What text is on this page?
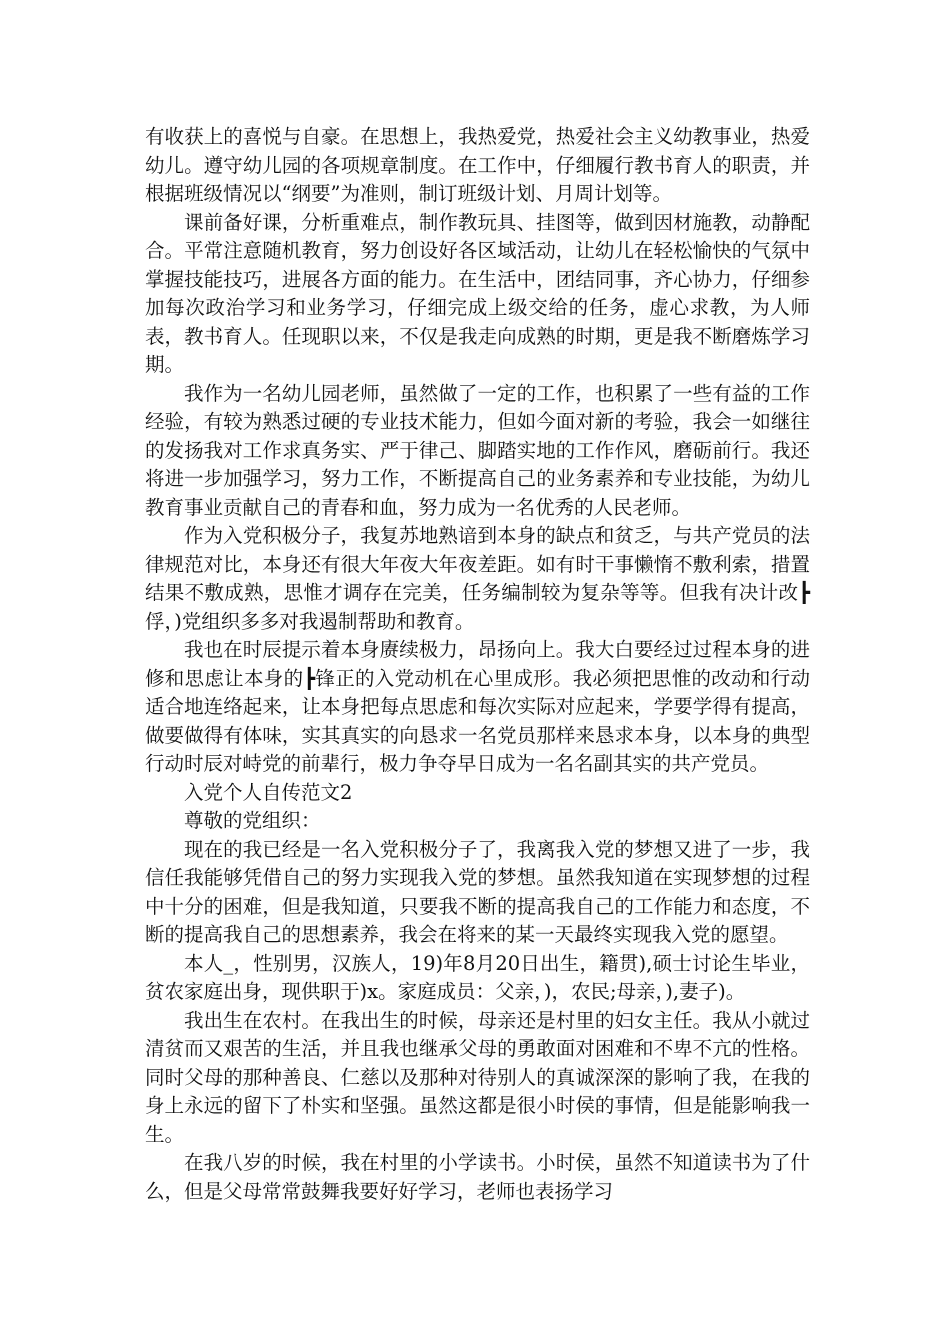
有收获上的喜悦与自豪。在思想上，我热爱党，热爱社会主义幼教事业，热爱幼儿。遵守幼儿园的各项规章制度。在工作中，仔细履行教书育人的职责，并根据班级情况以“纲要”为准则，制订班级计划、月周计划等。

课前备好课，分析重难点，制作教玩具、挂图等，做到因材施教，动静配合。平常注意随机教育，努力创设好各区域活动，让幼儿在轻松愉快的气氛中掌握技能技巧，进展各方面的能力。在生活中，团结同事，齐心协力，仔细参加每次政治学习和业务学习，仔细完成上级交给的任务，虚心求教，为人师表，教书育人。任现职以来，不仅是我走向成熟的时期，更是我不断磨炼学习期。

我作为一名幼儿园老师，虽然做了一定的工作，也积累了一些有益的工作经验，有较为熟悉过硬的专业技术能力，但如今面对新的考验，我会一如继往的发扬我对工作求真务实、严于律己、脚踏实地的工作作风，磨砺前行。我还将进一步加强学习，努力工作，不断提高自己的业务素养和专业技能，为幼儿教育事业贡献自己的青春和血，努力成为一名优秀的人民老师。

作为入党积极分子，我复苏地熟谙到本身的缺点和贫乏，与共产党员的法律规范对比，本身还有很大年夜大年夜差距。如有时干事懒惰不敷利索，措置结果不敷成熟，思惟才调存在完美，任务编制较为复杂等等。但我有决计改┣俘，)党组织多多对我遏制帮助和教育。

我也在时辰提示着本身赓续极力，昂扬向上。我大白要经过过程本身的进修和思虑让本身的┣锋正的入党动机在心里成形。我必须把思惟的改动和行动适合地连络起来，让本身把每点思虑和每次实际对应起来，学要学得有提高，做要做得有体味，实其真实的向恳求一名党员那样来恳求本身，以本身的典型行动时辰对峙党的前辈行，极力争夺早日成为一名名副其实的共产党员。

入党个人自传范文2

尊敬的党组织：

现在的我已经是一名入党积极分子了，我离我入党的梦想又进了一步，我信任我能够凭借自己的努力实现我入党的梦想。虽然我知道在实现梦想的过程中十分的困难，但是我知道，只要我不断的提高我自己的工作能力和态度，不断的提高我自己的思想素养，我会在将来的某一天最终实现我入党的愿望。

本人_，性别男，汉族人，19)年8月20日出生，籍贯),硕士讨论生毕业，贫农家庭出身，现供职于)x。家庭成员：父亲，)，农民;母亲，),妻子)。

我出生在农村。在我出生的时候，母亲还是村里的妇女主任。我从小就过清贫而又艰苦的生活，并且我也继承父母的勇敢面对困难和不卑不亢的性格。同时父母的那种善良、仁慈以及那种对待别人的真诚深深的影响了我，在我的身上永远的留下了朴实和坚强。虽然这都是很小时侯的事情，但是能影响我一生。

在我八岁的时候，我在村里的小学读书。小时侯，虽然不知道读书为了什么，但是父母常常鼓舞我要好好学习，老师也表扬学习
